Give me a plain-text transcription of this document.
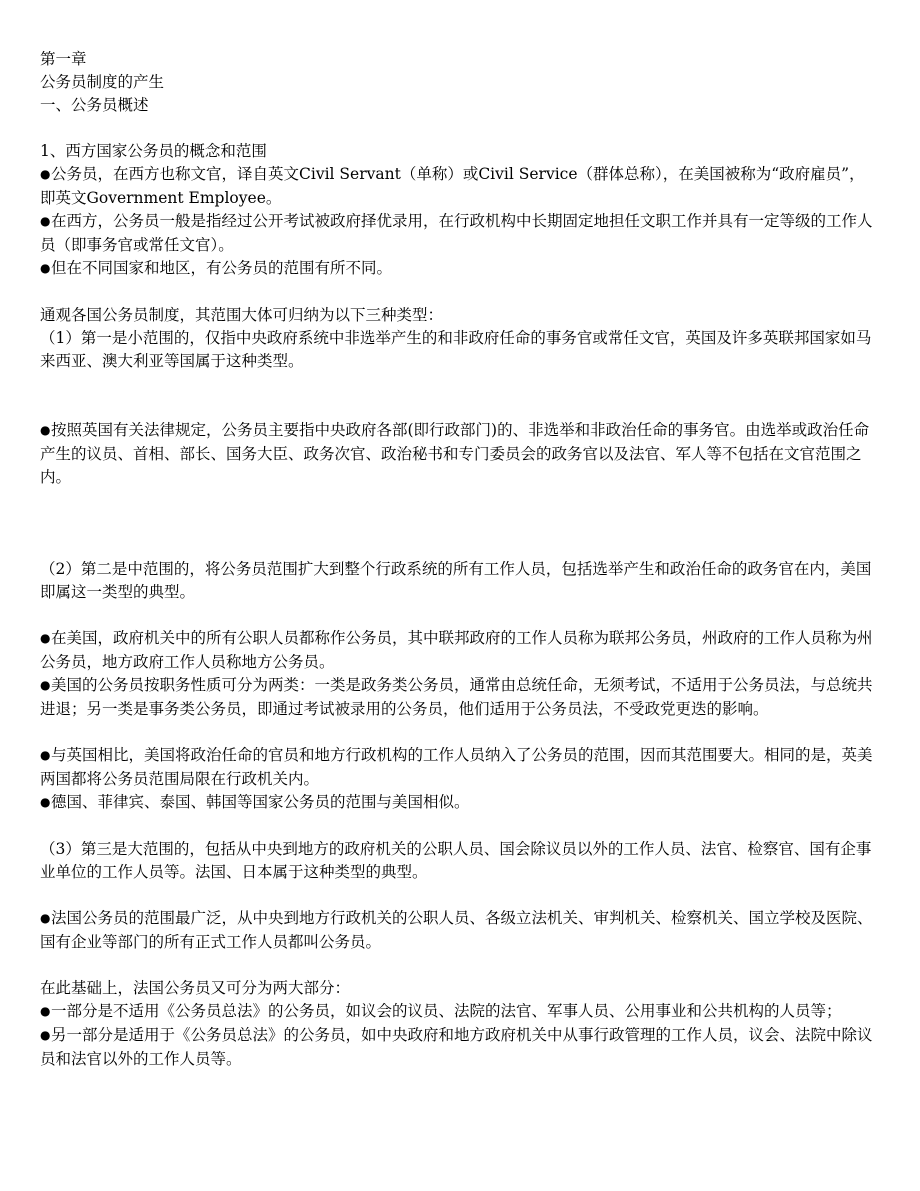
第一章

公务员制度的产生

一、公务员概述

1、西方国家公务员的概念和范围

●公务员，在西方也称文官，译自英文Civil Servant（单称）或Civil Service（群体总称），在美国被称为“政府雇员”，即英文Government Employee。

●在西方，公务员一般是指经过公开考试被政府择优录用，在行政机构中长期固定地担任文职工作并具有一定等级的工作人员（即事务官或常任文官）。

●但在不同国家和地区，有公务员的范围有所不同。

通观各国公务员制度，其范围大体可归纳为以下三种类型：

（1）第一是小范围的，仅指中央政府系统中非选举产生的和非政府任命的事务官或常任文官，英国及许多英联邦国家如马来西亚、澳大利亚等国属于这种类型。

●按照英国有关法律规定，公务员主要指中央政府各部(即行政部门)的、非选举和非政治任命的事务官。由选举或政治任命产生的议员、首相、部长、国务大臣、政务次官、政治秘书和专门委员会的政务官以及法官、军人等不包括在文官范围之内。

（2）第二是中范围的，将公务员范围扩大到整个行政系统的所有工作人员，包括选举产生和政治任命的政务官在内，美国即属这一类型的典型。

●在美国，政府机关中的所有公职人员都称作公务员，其中联邦政府的工作人员称为联邦公务员，州政府的工作人员称为州公务员，地方政府工作人员称地方公务员。

●美国的公务员按职务性质可分为两类：一类是政务类公务员，通常由总统任命，无须考试，不适用于公务员法，与总统共进退；另一类是事务类公务员，即通过考试被录用的公务员，他们适用于公务员法，不受政党更迭的影响。

●与英国相比，美国将政治任命的官员和地方行政机构的工作人员纳入了公务员的范围，因而其范围要大。相同的是，英美两国都将公务员范围局限在行政机关内。

●德国、菲律宾、泰国、韩国等国家公务员的范围与美国相似。

（3）第三是大范围的，包括从中央到地方的政府机关的公职人员、国会除议员以外的工作人员、法官、检察官、国有企事业单位的工作人员等。法国、日本属于这种类型的典型。

●法国公务员的范围最广泛，从中央到地方行政机关的公职人员、各级立法机关、审判机关、检察机关、国立学校及医院、国有企业等部门的所有正式工作人员都叫公务员。

在此基础上，法国公务员又可分为两大部分：

●一部分是不适用《公务员总法》的公务员，如议会的议员、法院的法官、军事人员、公用事业和公共机构的人员等；

●另一部分是适用于《公务员总法》的公务员，如中央政府和地方政府机关中从事行政管理的工作人员，议会、法院中除议员和法官以外的工作人员等。
